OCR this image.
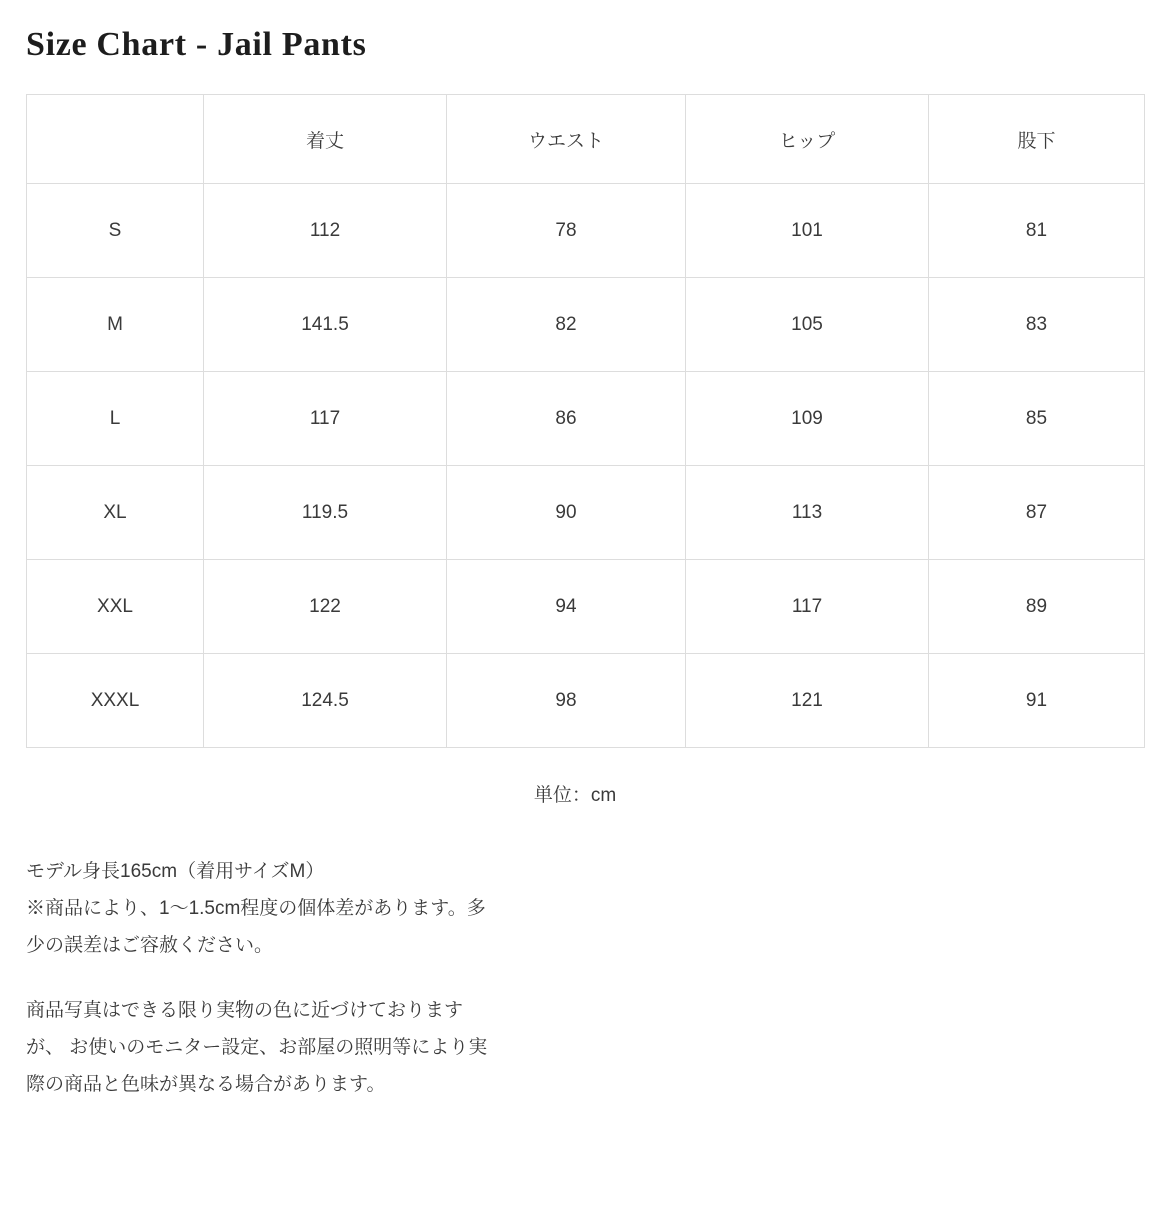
Size Chart - Jail Pants
	着丈	ウエスト	ヒップ	股下
S	112	78	101	81
M	141.5	82	105	83
L	117	86	109	85
XL	119.5	90	113	87
XXL	122	94	117	89
XXXL	124.5	98	121	91
単位：cm

モデル身長165cm（着用サイズM）

※商品により、1〜1.5cm程度の個体差があります。多

少の誤差はご容赦ください。

商品写真はできる限り実物の色に近づけております

が、 お使いのモニター設定、お部屋の照明等により実

際の商品と色味が異なる場合があります。
